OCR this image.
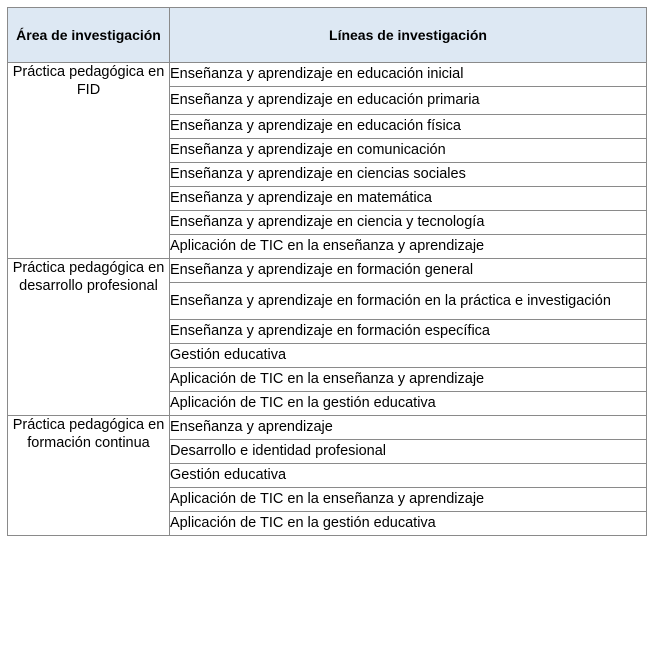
Área de investigación	Líneas de investigación

Práctica pedagógica en FID	Enseñanza y aprendizaje en educación inicial
	Enseñanza y aprendizaje en educación primaria
	Enseñanza y aprendizaje en educación física
	Enseñanza y aprendizaje en comunicación
	Enseñanza y aprendizaje en ciencias sociales
	Enseñanza y aprendizaje en matemática
	Enseñanza y aprendizaje en ciencia y tecnología
	Aplicación de TIC en la enseñanza y aprendizaje
Práctica pedagógica en desarrollo profesional	Enseñanza y aprendizaje en formación general
	Enseñanza y aprendizaje en formación en la práctica e investigación
	Enseñanza y aprendizaje en formación específica
	Gestión educativa
	Aplicación de TIC en la enseñanza y aprendizaje
	Aplicación de TIC en la gestión educativa
Práctica pedagógica en formación continua	Enseñanza y aprendizaje
	Desarrollo e identidad profesional
	Gestión educativa
	Aplicación de TIC en la enseñanza y aprendizaje
	Aplicación de TIC en la gestión educativa
